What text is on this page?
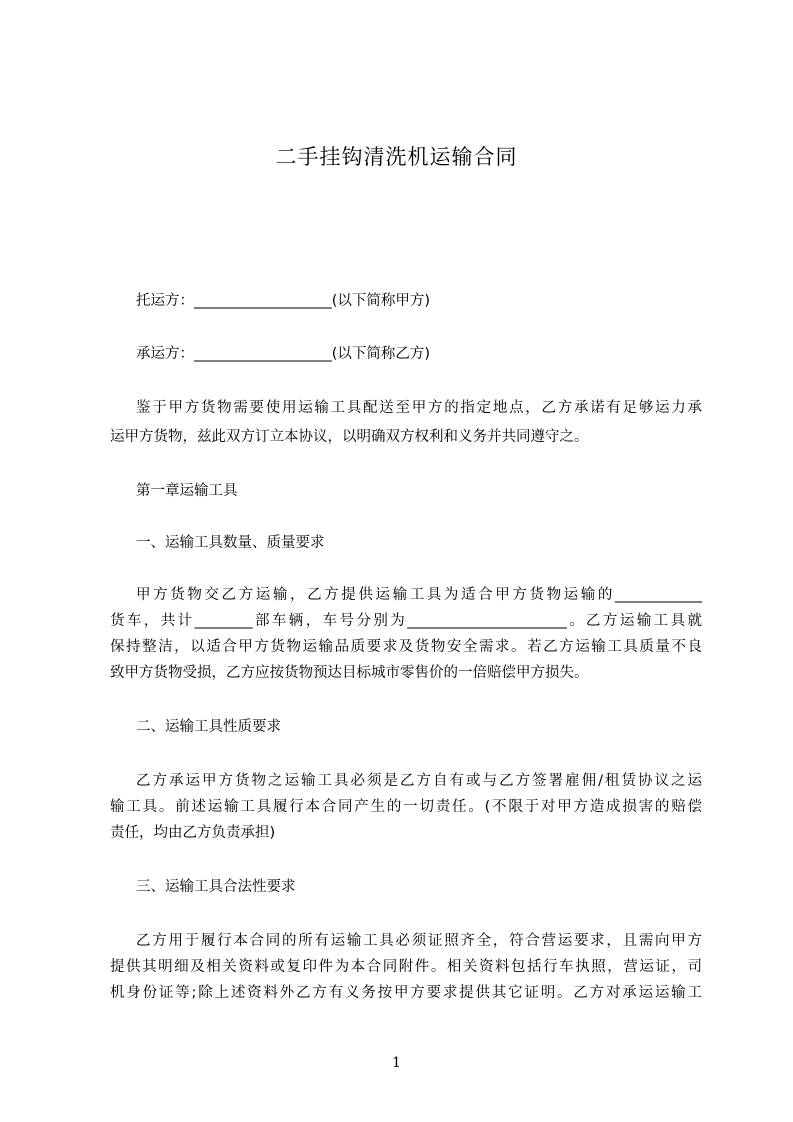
二手挂钩清洗机运输合同
托运方：___________________(以下简称甲方)
承运方：___________________(以下简称乙方)
鉴于甲方货物需要使用运输工具配送至甲方的指定地点，乙方承诺有足够运力承
运甲方货物，兹此双方订立本协议，以明确双方权利和义务并共同遵守之。
第一章运输工具
一、运输工具数量、质量要求
甲方货物交乙方运输，乙方提供运输工具为适合甲方货物运输的____________
货车，共计________部车辆，车号分别为______________________。乙方运输工具就
保持整洁，以适合甲方货物运输品质要求及货物安全需求。若乙方运输工具质量不良
致甲方货物受损，乙方应按货物预达目标城市零售价的一倍赔偿甲方损失。
二、运输工具性质要求
乙方承运甲方货物之运输工具必须是乙方自有或与乙方签署雇佣/租赁协议之运
输工具。前述运输工具履行本合同产生的一切责任。(不限于对甲方造成损害的赔偿
责任，均由乙方负责承担)
三、运输工具合法性要求
乙方用于履行本合同的所有运输工具必须证照齐全，符合营运要求，且需向甲方
提供其明细及相关资料或复印件为本合同附件。相关资料包括行车执照，营运证，司
机身份证等;除上述资料外乙方有义务按甲方要求提供其它证明。乙方对承运运输工
1
